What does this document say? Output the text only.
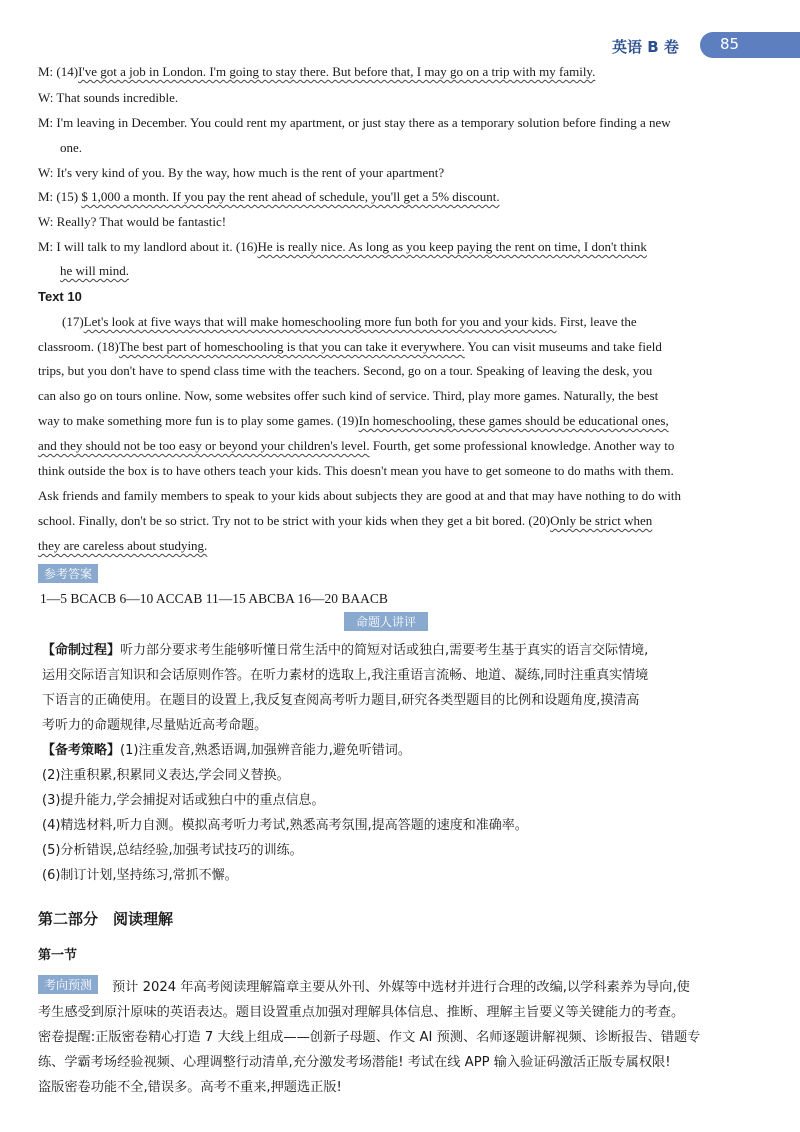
英语 B 卷	85
M: (14)I've got a job in London. I'm going to stay there. But before that, I may go on a trip with my family.
W: That sounds incredible.
M: I'm leaving in December. You could rent my apartment, or just stay there as a temporary solution before finding a new
one.
W: It's very kind of you. By the way, how much is the rent of your apartment?
M: (15) $ 1,000 a month. If you pay the rent ahead of schedule, you'll get a 5% discount.
W: Really? That would be fantastic!
M: I will talk to my landlord about it. (16)He is really nice. As long as you keep paying the rent on time, I don't think
he will mind.
Text 10
(17)Let's look at five ways that will make homeschooling more fun both for you and your kids. First, leave the
classroom. (18)The best part of homeschooling is that you can take it everywhere. You can visit museums and take field
trips, but you don't have to spend class time with the teachers. Second, go on a tour. Speaking of leaving the desk, you
can also go on tours online. Now, some websites offer such kind of service. Third, play more games. Naturally, the best
way to make something more fun is to play some games. (19)In homeschooling, these games should be educational ones,
and they should not be too easy or beyond your children's level. Fourth, get some professional knowledge. Another way to
think outside the box is to have others teach your kids. This doesn't mean you have to get someone to do maths with them.
Ask friends and family members to speak to your kids about subjects they are good at and that may have nothing to do with
school. Finally, don't be so strict. Try not to be strict with your kids when they get a bit bored. (20)Only be strict when
they are careless about studying.
参考答案
1—5 BCACB 6—10 ACCAB 11—15 ABCBA 16—20 BAACB
命题人讲评
【命制过程】听力部分要求考生能够听懂日常生活中的简短对话或独白,需要考生基于真实的语言交际情境,
运用交际语言知识和会话原则作答。在听力素材的选取上,我注重语言流畅、地道、凝练,同时注重真实情境
下语言的正确使用。在题目的设置上,我反复查阅高考听力题目,研究各类型题目的比例和设题角度,摸清高
考听力的命题规律,尽量贴近高考命题。
【备考策略】(1)注重发音,熟悉语调,加强辨音能力,避免听错词。
(2)注重积累,积累同义表达,学会同义替换。
(3)提升能力,学会捕捉对话或独白中的重点信息。
(4)精选材料,听力自测。模拟高考听力考试,熟悉高考氛围,提高答题的速度和准确率。
(5)分析错误,总结经验,加强考试技巧的训练。
(6)制订计划,坚持练习,常抓不懈。
第二部分　阅读理解
第一节
考向预测	预计 2024 年高考阅读理解篇章主要从外刊、外媒等中选材并进行合理的改编,以学科素养为导向,使
考生感受到原汁原味的英语表达。题目设置重点加强对理解具体信息、推断、理解主旨要义等关键能力的考查。
密卷提醒:正版密卷精心打造 7 大线上组成——创新子母题、作文 AI 预测、名师逐题讲解视频、诊断报告、错题专
练、学霸考场经验视频、心理调整行动清单,充分激发考场潜能! 考试在线 APP 输入验证码激活正版专属权限!
盗版密卷功能不全,错误多。高考不重来,押题选正版!
